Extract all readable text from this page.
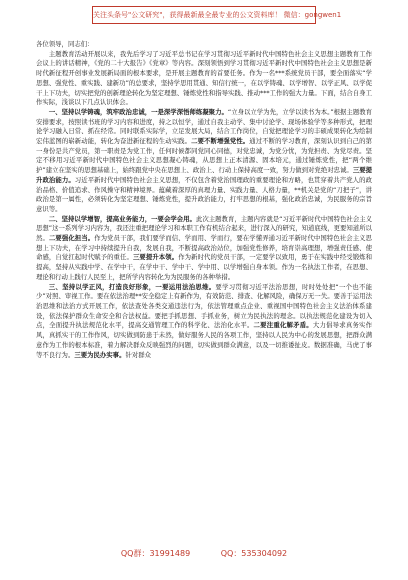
关注头条号"公文研究"，获得最新最全最专业的公文资料库！ 微信：gongwen1

各位领导，同志们：

主题教育活动开展以来，我先后学习了习近平总书记在学习贯彻习近平新时代中国特色社会主义思想主题教育工作会议上的讲话精神，《党的二十大报告》《党章》等内容。深刻领悟到学习贯彻习近平新时代中国特色社会主义思想是新时代新征程开创事业发展新局面的根本要求，是开展主题教育的首要任务。作为一名***系统党员干部，要全面落实“学思想、强党性、重实践、建新功”的总要求，坚持学思用贯通、知信行统一，在以学铸魂、以学增智、以学正风、以学促干上下功夫，切实把党的创新理论转化为坚定理想、锤炼党性和指导实践、推动***工作的强大力量。下面，结合自身工作实际，浅谈以下几点认识体会。

一、坚持以学铸魂，筑牢政治忠诚，一是深学深悟师练凝聚力。“立身以立学为先，立学以读书为本。”根据主题教育安排要求，按照读书班的学习内容和进度，持之以恒学，通过自我主动学、集中讨论学、现场体验学等多种形式，把理论学习融入日常、抓在经常。同时联系实际学，立足发展大局，结合工作岗位，自觉把理论学习的丰硕成果转化为绘制宏伟蓝图的崭新动能，转化为奋进新征程的生动实践。二要不断增强党性。通过不断的学习教育，深刻认识到自己的第一身份是共产党员，第一职责是为党工作，任何时候都同党同心同德，对党忠诚，为党分忧，为党担责、为党尽责。坚定不移用习近平新时代中国特色社会主义思想凝心铸魂，从思想上正本清源、固本培元，通过锤炼党性，把“两个维护”建立在坚实的思想基础上，始终跟党中央在思想上、政治上、行动上保持高度一致，努力做到对党绝对忠诚。三要提升政治能力。习近平新时代中国特色社会主义思想，不仅包含着党治国理政的重要理论和方略，也贯穿着共产党人的政治品格、价值追求、作风操守和精神境界。蕴藏着深厚的真理力量、实践力量、人格力量，**机关是党的“刀把子”，讲政治是第一属性，必须转化为坚定理想、锤炼党性，提升政治能力，打牢思想的根基，强化政治忠诚，为民服务的宗旨意识等。

二、坚持以学增智，提高业务能力，一要会学会用。此次主题教育，主题内容就是“习近平新时代中国特色社会主义思想”这一系列学习内容为，我还注重把理论学习和本职工作有机结合起来，进行深入的研究，知道底线，更要知道所以然。二要强化担当。作为党员干部，我们要学而信、学而用、学而行，要在学懂弄通习近平新时代中国特色社会主义思想上下功夫，在学习中持续提升自我，发展自我，不断提高政治站位，加强党性修养，培育崇高理想，增强责任感、使命感，自觉扛起时代赋予的重任。三要提升本领。作为新时代的党员干部，一定要学以致用，勇于在实践中经受锻炼和提高，坚持从实践中学、在学中干，在学中干、学中干、学中用、以学增强自身本领。作为一名执法工作者，在思想、理论和行动上践行人民至上，把所学内容转化为为民服务的各种举措。

三、坚持以学正风，打造良好形象，一要运用法治思维。要学习贯彻习近平法治思想，时时处处把“一个也不能少”对照、审视工作。要在依法治理**安全稳定上有新作为，有效防范、排查、化解风险，确保万无一失。要善于运用法治思维和法治方式开展工作，依法查处各类交通违法行为，依法管理重点企业、重视国中国特色社会主义法治体系建设，依法保护群众生命安全和合法权益。要把手抓思想、手抓业务，树立为民执法的理念。以执法规范化建设为切入点，全面提升执法规范化水平，提高交通管理工作的科学化、法治化水平。二要注重化解矛盾。大力倡导求真务实作风，真抓实干的工作作风，切实做到防患于未然，做好服务人民的各项工作，坚持以人民为中心的发展思想，把群众满意作为工作的根本标准，着力解决群众反映强烈的问题，切实做到群众满意，以及一切推诿扯皮。数据准确，马虎了事等不良行为。三要为民办实事。针对群众

QQ群：31991489	QQ：535304092
